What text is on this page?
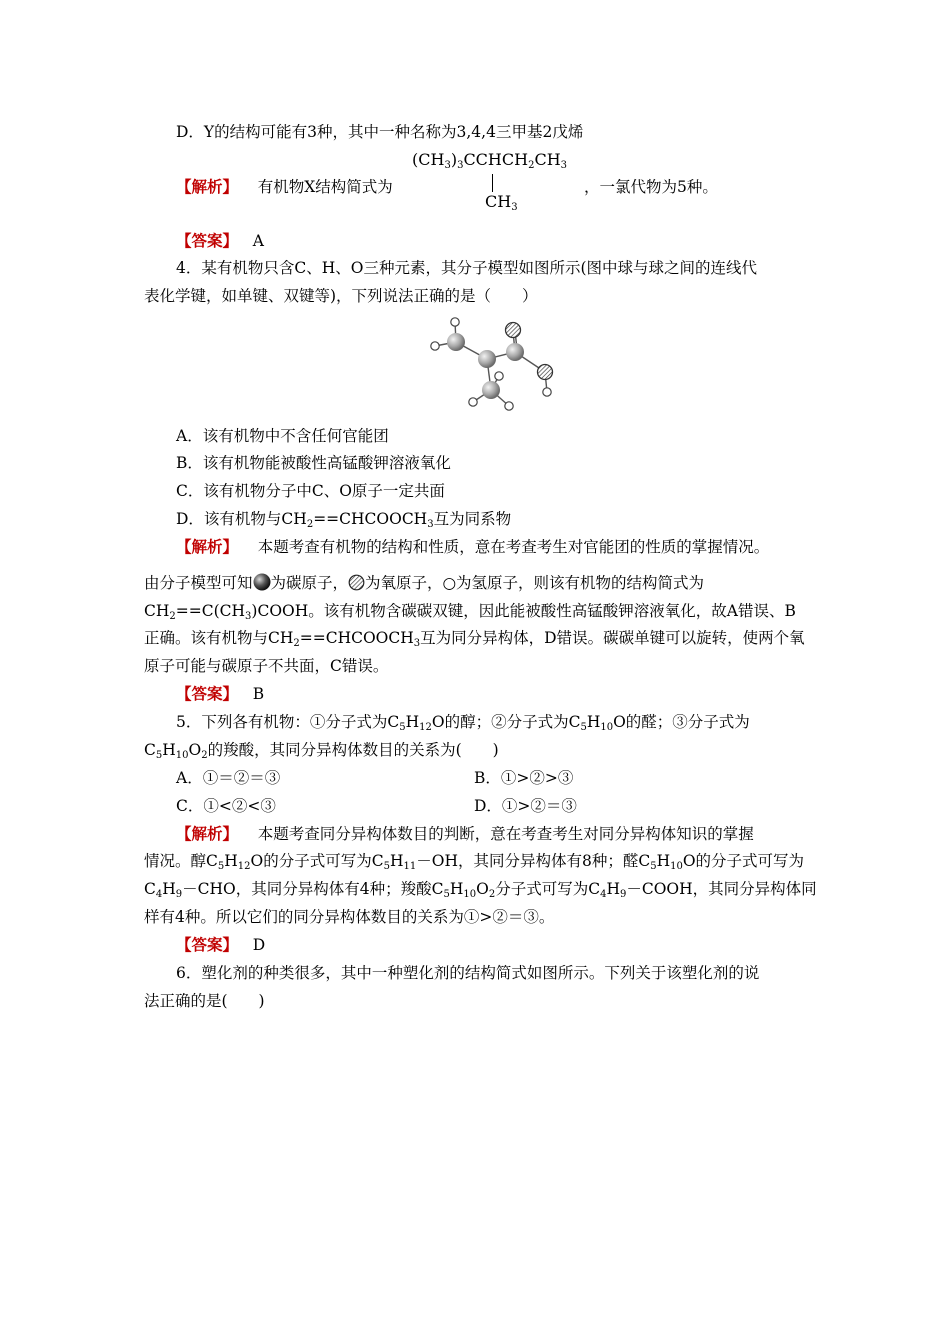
D．Y的结构可能有3种，其中一种名称为3,4,4三甲基2戊烯
【解析】 有机物X结构简式为
$(CH_3)_3CCHCH_2CH_3$
$CH_3$
，一氯代物为5种。
【答案】 A
4．某有机物只含C、H、O三种元素，其分子模型如图所示(图中球与球之间的连线代
表化学键，如单键、双键等)，下列说法正确的是（　　）
A．该有机物中不含任何官能团
B．该有机物能被酸性高锰酸钾溶液氧化
C．该有机物分子中C、O原子一定共面
D．该有机物与$CH_2==CHCOOCH_3$互为同系物
【解析】 本题考查有机物的结构和性质，意在考查考生对官能团的性质的掌握情况。
由分子模型可知 为碳原子， 为氧原子，○为氢原子，则该有机物的结构简式为
$CH_2==C(CH_3)COOH$。该有机物含碳碳双键，因此能被酸性高锰酸钾溶液氧化，故A错误、B
正确。该有机物与$CH_2==CHCOOCH_3$互为同分异构体，D错误。碳碳单键可以旋转，使两个氧
原子可能与碳原子不共面，C错误。
【答案】 B
5．下列各有机物：①分子式为$C_5H_{12}O$的醇；②分子式为$C_5H_{10}O$的醛；③分子式为
$C_5H_{10}O_2$的羧酸，其同分异构体数目的关系为(　　)
A．①＝②＝③	B．①>②>③
C．①<②<③	D．①>②＝③
【解析】 本题考查同分异构体数目的判断，意在考查考生对同分异构体知识的掌握
情况。醇$C_5H_{12}O$的分子式可写为$C_5H_{11}-OH$，其同分异构体有8种；醛$C_5H_{10}O$的分子式可写为
$C_4H_9-CHO$，其同分异构体有4种；羧酸$C_5H_{10}O_2$分子式可写为$C_4H_9-COOH$，其同分异构体同
样有4种。所以它们的同分异构体数目的关系为①>②＝③。
【答案】 D
6．塑化剂的种类很多，其中一种塑化剂的结构简式如图所示。下列关于该塑化剂的说
法正确的是(　　)
